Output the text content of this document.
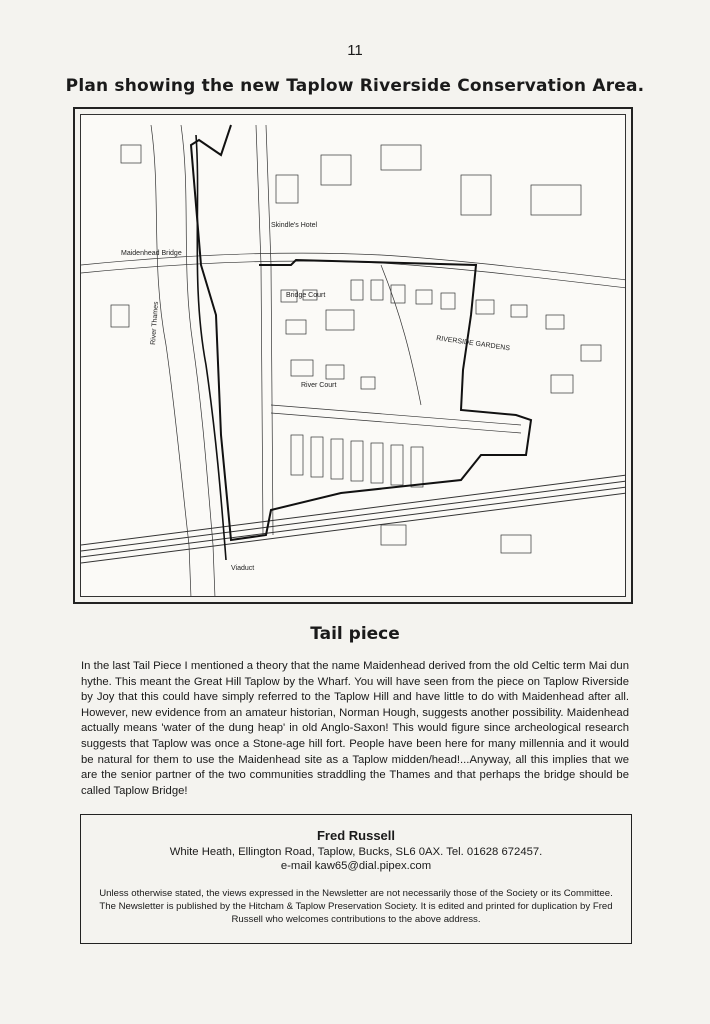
11
Plan showing the new Taplow Riverside Conservation Area.
Skindle's Hotel
Maidenhead Bridge
River Thames
Bridge Court
River Court
RIVERSIDE GARDENS
Viaduct
Tail piece

In the last Tail Piece I mentioned a theory that the name Maidenhead derived from the old Celtic term Mai dun hythe. This meant the Great Hill Taplow by the Wharf. You will have seen from the piece on Taplow Riverside by Joy that this could have simply referred to the Taplow Hill and have little to do with Maidenhead after all. However, new evidence from an amateur historian, Norman Hough, suggests another possibility. Maidenhead actually means 'water of the dung heap' in old Anglo-Saxon! This would figure since archeological research suggests that Taplow was once a Stone-age hill fort. People have been here for many millennia and it would be natural for them to use the Maidenhead site as a Taplow midden/head!...Anyway, all this implies that we are the senior partner of the two communities straddling the Thames and that perhaps the bridge should be called Taplow Bridge!

Fred Russell
White Heath, Ellington Road, Taplow, Bucks, SL6 0AX. Tel. 01628 672457.
e-mail kaw65@dial.pipex.com
Unless otherwise stated, the views expressed in the Newsletter are not necessarily those of the Society or its Committee. The Newsletter is published by the Hitcham & Taplow Preservation Society. It is edited and printed for duplication by Fred Russell who welcomes contributions to the above address.
